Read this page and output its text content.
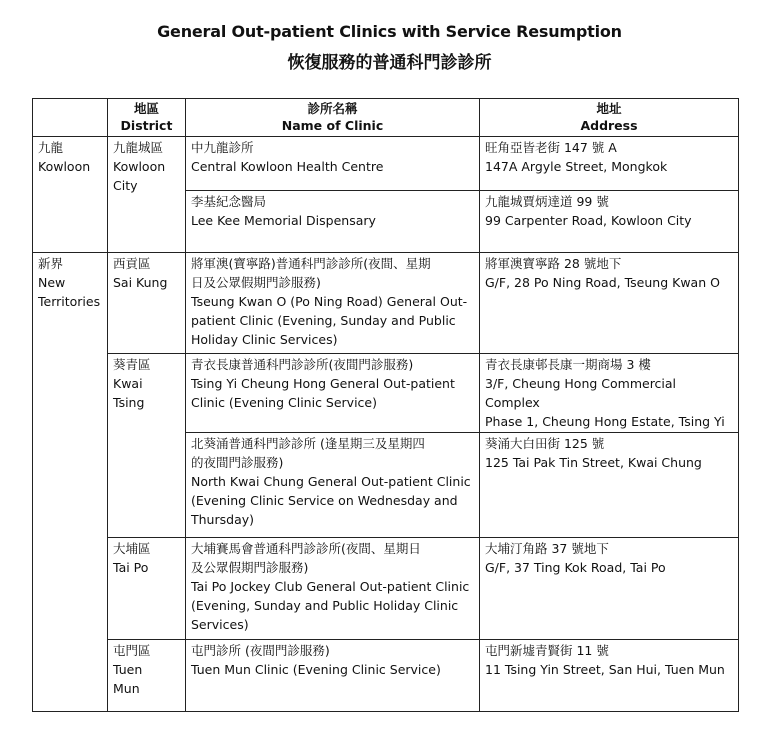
General Out-patient Clinics with Service Resumption
恢復服務的普通科門診診所

	地區
District	診所名稱
Name of Clinic	地址
Address

九龍
Kowloon	九龍城區
Kowloon
City	中九龍診所
Central Kowloon Health Centre	旺角亞皆老街 147 號 A
147A Argyle Street, Mongkok

		李基紀念醫局
Lee Kee Memorial Dispensary	九龍城賈炳達道 99 號
99 Carpenter Road, Kowloon City

新界
New
Territories	西貢區
Sai Kung	將軍澳(寶寧路)普通科門診診所(夜間、星期
日及公眾假期門診服務)
Tseung Kwan O (Po Ning Road) General Out-
patient Clinic (Evening, Sunday and Public
Holiday Clinic Services)	將軍澳寶寧路 28 號地下
G/F, 28 Po Ning Road, Tseung Kwan O

	葵青區
Kwai
Tsing	青衣長康普通科門診診所(夜間門診服務)
Tsing Yi Cheung Hong General Out-patient
Clinic (Evening Clinic Service)	青衣長康邨長康一期商場 3 樓
3/F, Cheung Hong Commercial Complex
Phase 1, Cheung Hong Estate, Tsing Yi

		北葵涌普通科門診診所 (逢星期三及星期四
的夜間門診服務)
North Kwai Chung General Out-patient Clinic
(Evening Clinic Service on Wednesday and
Thursday)	葵涌大白田街 125 號
125 Tai Pak Tin Street, Kwai Chung

	大埔區
Tai Po	大埔賽馬會普通科門診診所(夜間、星期日
及公眾假期門診服務)
Tai Po Jockey Club General Out-patient Clinic
(Evening, Sunday and Public Holiday Clinic
Services)	大埔汀角路 37 號地下
G/F, 37 Ting Kok Road, Tai Po

	屯門區
Tuen
Mun	屯門診所 (夜間門診服務)
Tuen Mun Clinic (Evening Clinic Service)	屯門新墟青賢街 11 號
11 Tsing Yin Street, San Hui, Tuen Mun
